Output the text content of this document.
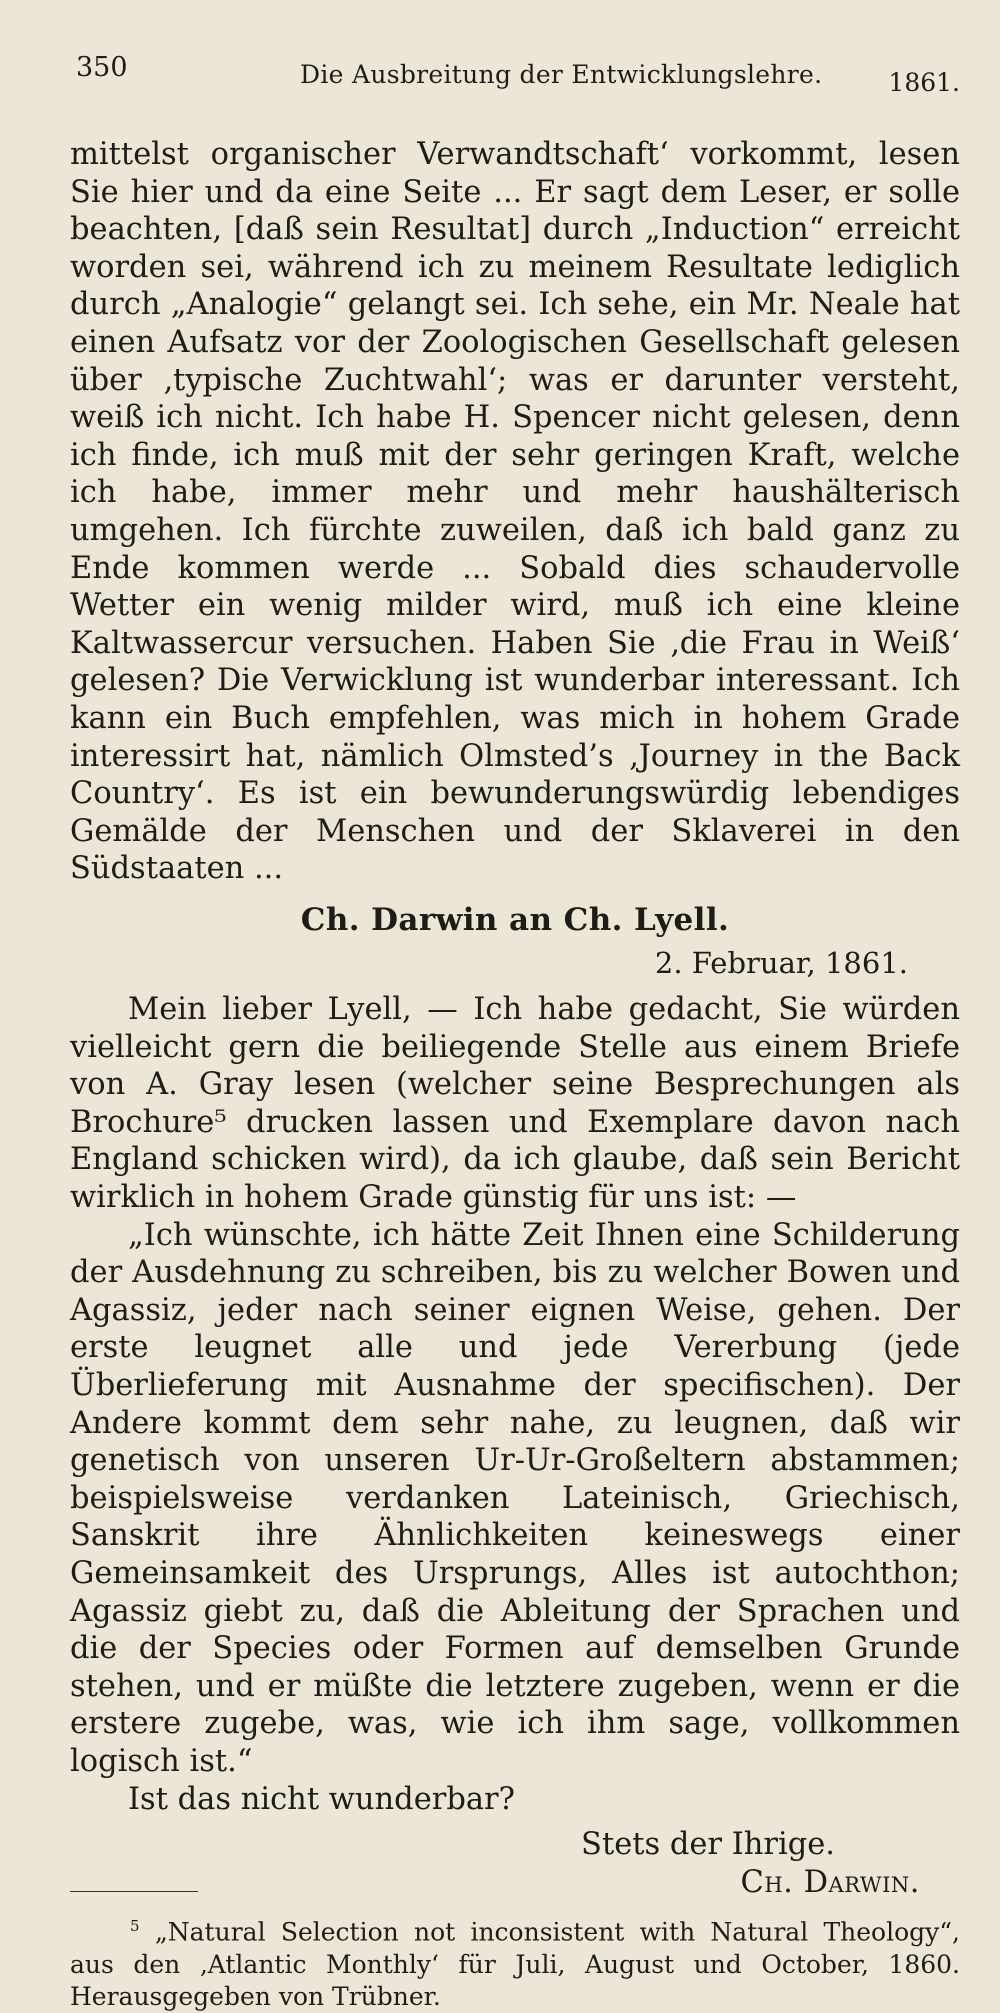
350	Die Ausbreitung der Entwicklungslehre.	1861.

mittelst organischer Verwandtschaft‘ vorkommt, lesen Sie hier und da eine Seite ... Er sagt dem Leser, er solle beachten, [daß sein Resultat] durch „Induction“ erreicht worden sei, während ich zu meinem Resultate lediglich durch „Analogie“ gelangt sei. Ich sehe, ein Mr. Neale hat einen Aufsatz vor der Zoologischen Gesellschaft gelesen über ‚typische Zuchtwahl‘; was er darunter versteht, weiß ich nicht. Ich habe H. Spencer nicht gelesen, denn ich finde, ich muß mit der sehr geringen Kraft, welche ich habe, immer mehr und mehr haushälterisch umgehen. Ich fürchte zuweilen, daß ich bald ganz zu Ende kommen werde ... Sobald dies schaudervolle Wetter ein wenig milder wird, muß ich eine kleine Kaltwassercur versuchen. Haben Sie ‚die Frau in Weiß‘ gelesen? Die Verwicklung ist wunderbar interessant. Ich kann ein Buch empfehlen, was mich in hohem Grade interessirt hat, nämlich Olmsted’s ‚Journey in the Back Country‘. Es ist ein bewunderungswürdig lebendiges Gemälde der Menschen und der Sklaverei in den Südstaaten ...

Ch. Darwin an Ch. Lyell.
2. Februar, 1861.

Mein lieber Lyell, — Ich habe gedacht, Sie würden vielleicht gern die beiliegende Stelle aus einem Briefe von A. Gray lesen (welcher seine Besprechungen als Brochure⁵ drucken lassen und Exemplare davon nach England schicken wird), da ich glaube, daß sein Bericht wirklich in hohem Grade günstig für uns ist: —

„Ich wünschte, ich hätte Zeit Ihnen eine Schilderung der Ausdehnung zu schreiben, bis zu welcher Bowen und Agassiz, jeder nach seiner eignen Weise, gehen. Der erste leugnet alle und jede Vererbung (jede Überlieferung mit Ausnahme der specifischen). Der Andere kommt dem sehr nahe, zu leugnen, daß wir genetisch von unseren Ur-Ur-Großeltern abstammen; beispielsweise verdanken Lateinisch, Griechisch, Sanskrit ihre Ähnlichkeiten keineswegs einer Gemeinsamkeit des Ursprungs, Alles ist autochthon; Agassiz giebt zu, daß die Ableitung der Sprachen und die der Species oder Formen auf demselben Grunde stehen, und er müßte die letztere zugeben, wenn er die erstere zugebe, was, wie ich ihm sage, vollkommen logisch ist.“

Ist das nicht wunderbar?

Stets der Ihrige.
Ch. Darwin.

$^5$ „Natural Selection not inconsistent with Natural Theology“, aus den ‚Atlantic Monthly‘ für Juli, August und October, 1860. Herausgegeben von Trübner.
